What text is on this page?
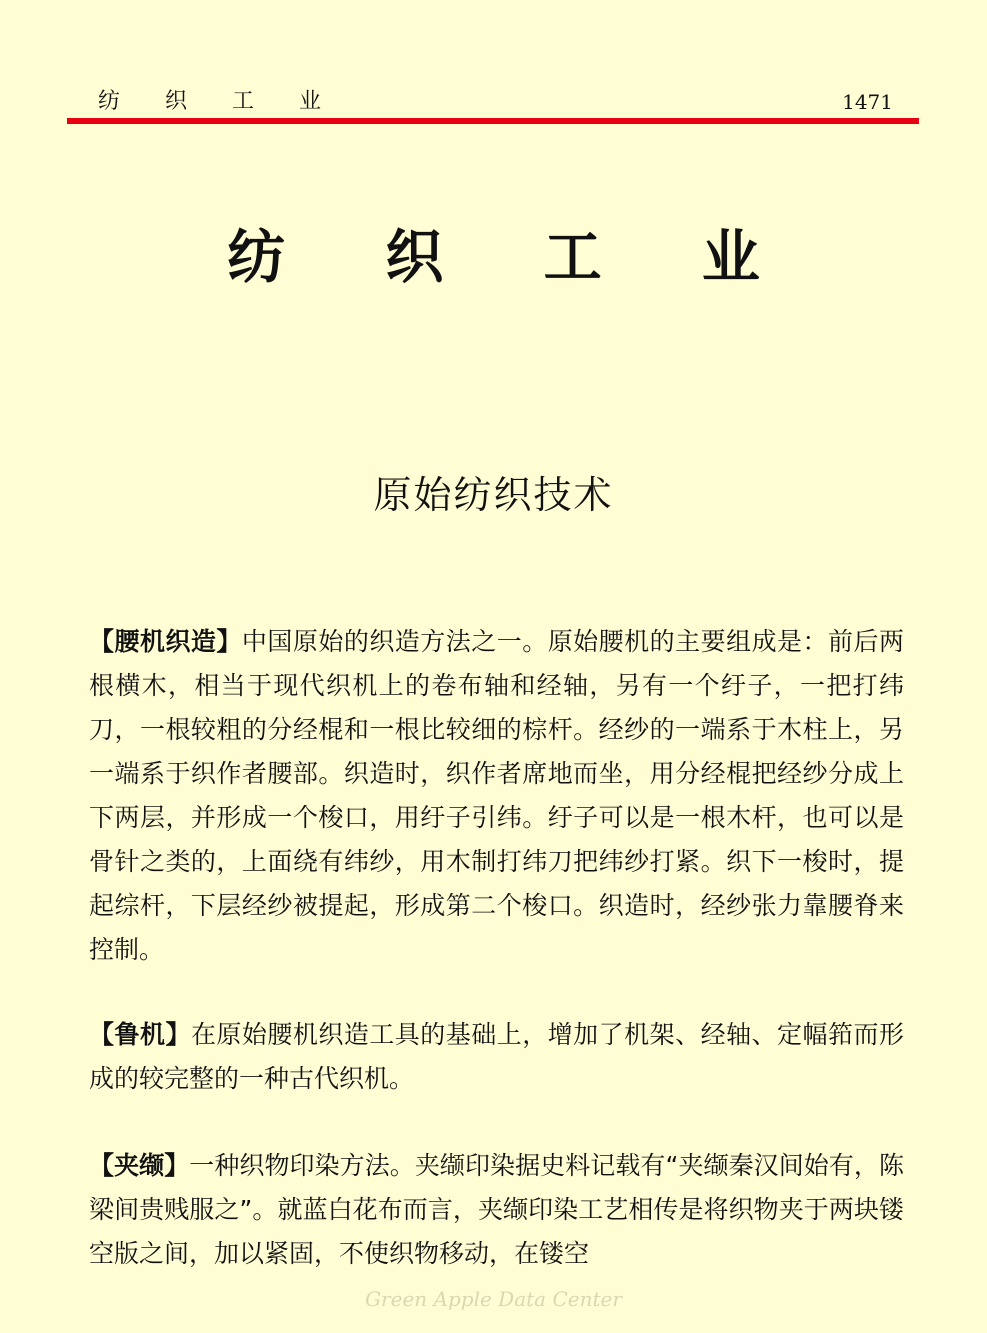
纺 织 工 业	1471
纺 织 工 业
原始纺织技术
【腰机织造】中国原始的织造方法之一。原始腰机的主要组成是：前后两根横木，相当于现代织机上的卷布轴和经轴，另有一个纡子，一把打纬刀，一根较粗的分经棍和一根比较细的棕杆。经纱的一端系于木柱上，另一端系于织作者腰部。织造时，织作者席地而坐，用分经棍把经纱分成上下两层，并形成一个梭口，用纡子引纬。纡子可以是一根木杆，也可以是骨针之类的，上面绕有纬纱，用木制打纬刀把纬纱打紧。织下一梭时，提起综杆，下层经纱被提起，形成第二个梭口。织造时，经纱张力靠腰脊来控制。
【鲁机】在原始腰机织造工具的基础上，增加了机架、经轴、定幅筘而形成的较完整的一种古代织机。
【夹缬】一种织物印染方法。夹缬印染据史料记载有“夹缬秦汉间始有，陈梁间贵贱服之”。就蓝白花布而言，夹缬印染工艺相传是将织物夹于两块镂空版之间，加以紧固，不使织物移动，在镂空
Green Apple Data Center
